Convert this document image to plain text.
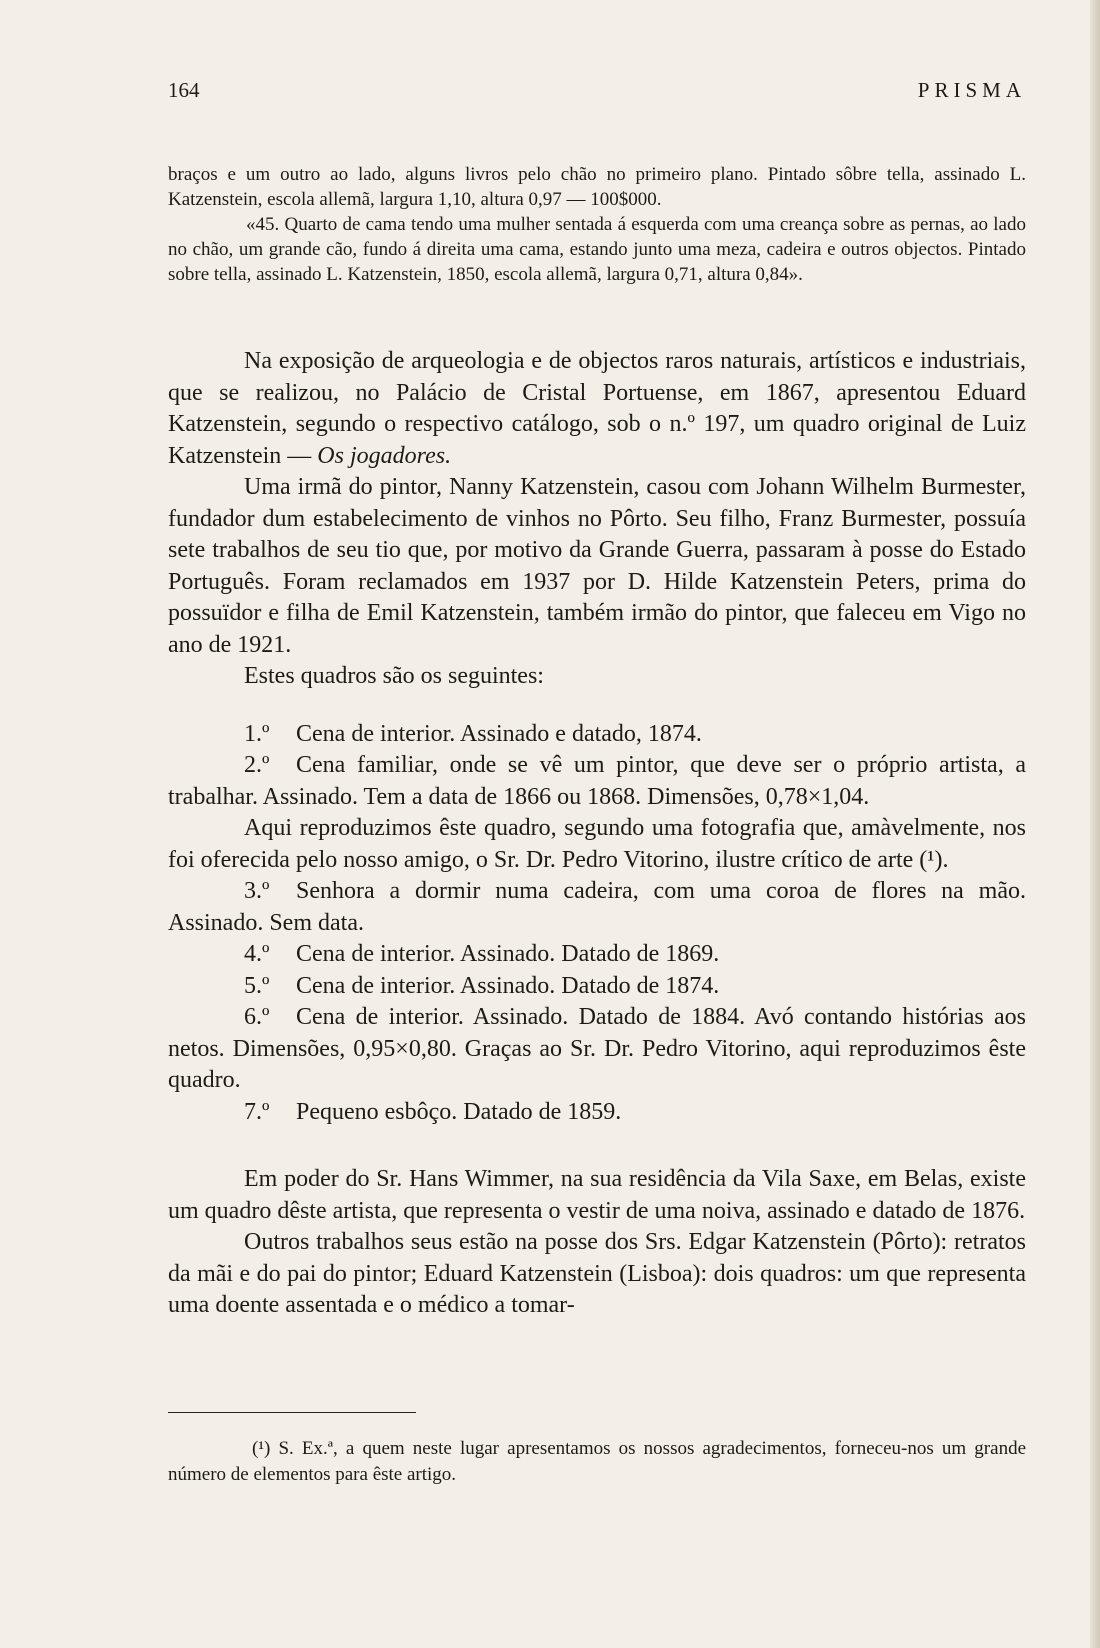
164	PRISMA

braços e um outro ao lado, alguns livros pelo chão no primeiro plano. Pintado sôbre tella, assinado L. Katzenstein, escola allemã, largura 1,10, altura 0,97 — 100$000.

«45. Quarto de cama tendo uma mulher sentada á esquerda com uma creança sobre as pernas, ao lado no chão, um grande cão, fundo á direita uma cama, estando junto uma meza, cadeira e outros objectos. Pintado sobre tella, assinado L. Katzenstein, 1850, escola allemã, largura 0,71, altura 0,84».

Na exposição de arqueologia e de objectos raros naturais, artísticos e industriais, que se realizou, no Palácio de Cristal Portuense, em 1867, apresentou Eduard Katzenstein, segundo o respectivo catálogo, sob o n.º 197, um quadro original de Luiz Katzenstein — Os jogadores.

Uma irmã do pintor, Nanny Katzenstein, casou com Johann Wilhelm Burmester, fundador dum estabelecimento de vinhos no Pôrto. Seu filho, Franz Burmester, possuía sete trabalhos de seu tio que, por motivo da Grande Guerra, passaram à posse do Estado Português. Foram reclamados em 1937 por D. Hilde Katzenstein Peters, prima do possuïdor e filha de Emil Katzenstein, também irmão do pintor, que faleceu em Vigo no ano de 1921.

Estes quadros são os seguintes:

1.º Cena de interior. Assinado e datado, 1874.

2.º Cena familiar, onde se vê um pintor, que deve ser o próprio artista, a trabalhar. Assinado. Tem a data de 1866 ou 1868. Dimensões, 0,78×1,04.

Aqui reproduzimos êste quadro, segundo uma fotografia que, amàvelmente, nos foi oferecida pelo nosso amigo, o Sr. Dr. Pedro Vitorino, ilustre crítico de arte (¹).

3.º Senhora a dormir numa cadeira, com uma coroa de flores na mão. Assinado. Sem data.

4.º Cena de interior. Assinado. Datado de 1869.

5.º Cena de interior. Assinado. Datado de 1874.

6.º Cena de interior. Assinado. Datado de 1884. Avó contando histórias aos netos. Dimensões, 0,95×0,80. Graças ao Sr. Dr. Pedro Vitorino, aqui reproduzimos êste quadro.

7.º Pequeno esbôço. Datado de 1859.

Em poder do Sr. Hans Wimmer, na sua residência da Vila Saxe, em Belas, existe um quadro dêste artista, que representa o vestir de uma noiva, assinado e datado de 1876.

Outros trabalhos seus estão na posse dos Srs. Edgar Katzenstein (Pôrto): retratos da mãi e do pai do pintor; Eduard Katzenstein (Lisboa): dois quadros: um que representa uma doente assentada e o médico a tomar-

(¹) S. Ex.ª, a quem neste lugar apresentamos os nossos agradecimentos, forneceu-nos um grande número de elementos para êste artigo.
